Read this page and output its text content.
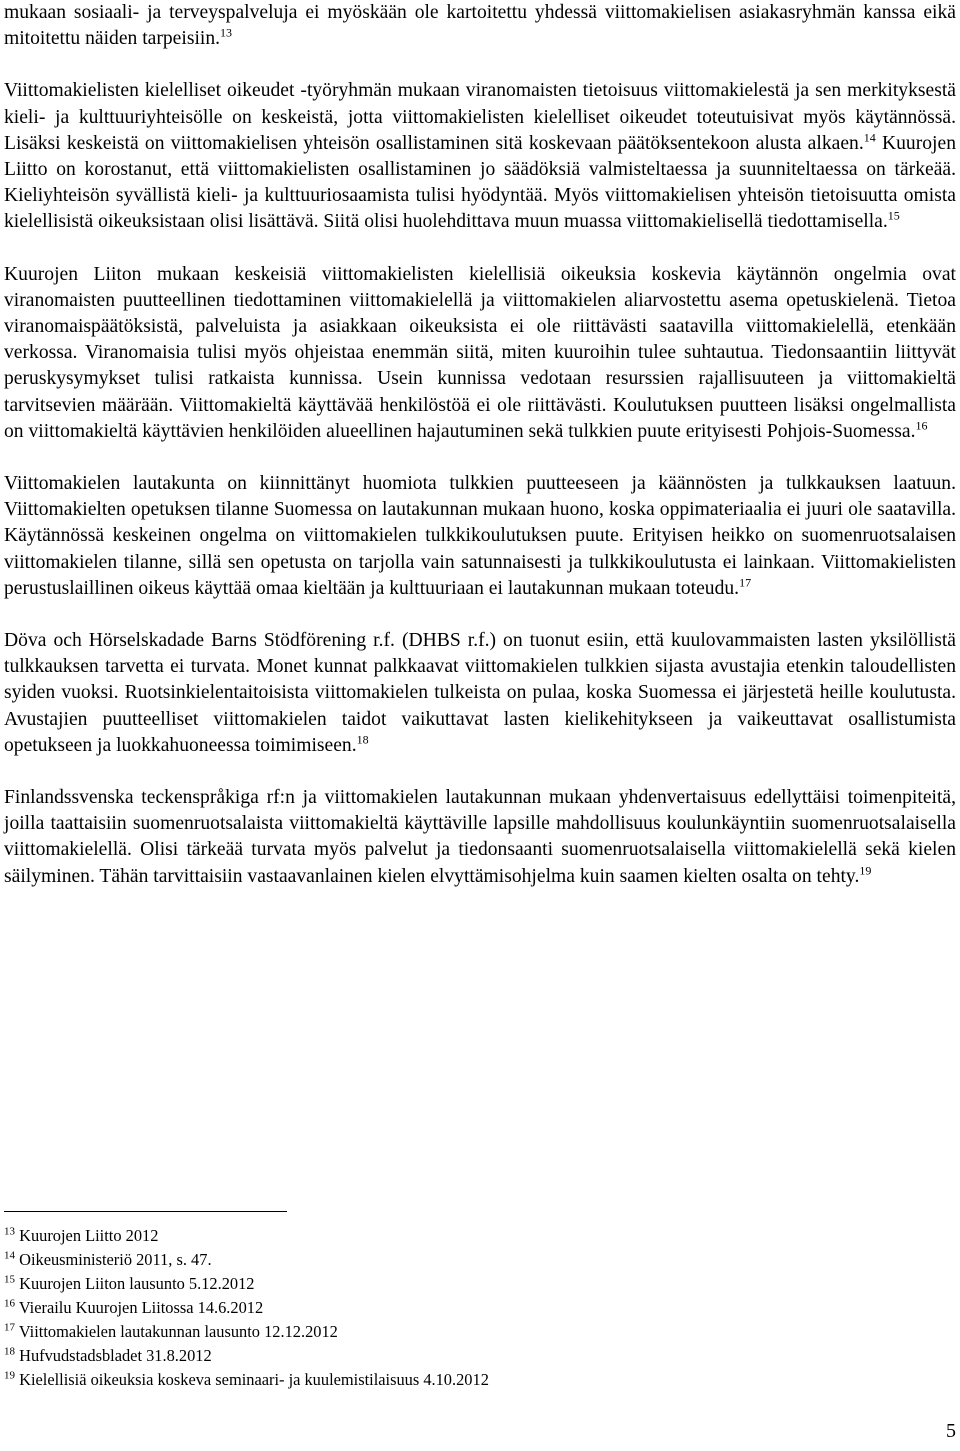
mukaan sosiaali- ja terveyspalveluja ei myöskään ole kartoitettu yhdessä viittomakielisen asiakasryhmän kanssa eikä mitoitettu näiden tarpeisiin.$^{13}$

Viittomakielisten kielelliset oikeudet -työryhmän mukaan viranomaisten tietoisuus viittomakielestä ja sen merkityksestä kieli- ja kulttuuriyhteisölle on keskeistä, jotta viittomakielisten kielelliset oikeudet toteutuisivat myös käytännössä. Lisäksi keskeistä on viittomakielisen yhteisön osallistaminen sitä koskevaan päätöksentekoon alusta alkaen.$^{14}$ Kuurojen Liitto on korostanut, että viittomakielisten osallistaminen jo säädöksiä valmisteltaessa ja suunniteltaessa on tärkeää. Kieliyhteisön syvällistä kieli- ja kulttuuriosaamista tulisi hyödyntää. Myös viittomakielisen yhteisön tietoisuutta omista kielellisistä oikeuksistaan olisi lisättävä. Siitä olisi huolehdittava muun muassa viittomakielisellä tiedottamisella.$^{15}$

Kuurojen Liiton mukaan keskeisiä viittomakielisten kielellisiä oikeuksia koskevia käytännön ongelmia ovat viranomaisten puutteellinen tiedottaminen viittomakielellä ja viittomakielen aliarvostettu asema opetuskielenä. Tietoa viranomaispäätöksistä, palveluista ja asiakkaan oikeuksista ei ole riittävästi saatavilla viittomakielellä, etenkään verkossa. Viranomaisia tulisi myös ohjeistaa enemmän siitä, miten kuuroihin tulee suhtautua. Tiedonsaantiin liittyvät peruskysymykset tulisi ratkaista kunnissa. Usein kunnissa vedotaan resurssien rajallisuuteen ja viittomakieltä tarvitsevien määrään. Viittomakieltä käyttävää henkilöstöä ei ole riittävästi. Koulutuksen puutteen lisäksi ongelmallista on viittomakieltä käyttävien henkilöiden alueellinen hajautuminen sekä tulkkien puute erityisesti Pohjois-Suomessa.$^{16}$

Viittomakielen lautakunta on kiinnittänyt huomiota tulkkien puutteeseen ja käännösten ja tulkkauksen laatuun. Viittomakielten opetuksen tilanne Suomessa on lautakunnan mukaan huono, koska oppimateriaalia ei juuri ole saatavilla. Käytännössä keskeinen ongelma on viittomakielen tulkkikoulutuksen puute. Erityisen heikko on suomenruotsalaisen viittomakielen tilanne, sillä sen opetusta on tarjolla vain satunnaisesti ja tulkkikoulutusta ei lainkaan. Viittomakielisten perustuslaillinen oikeus käyttää omaa kieltään ja kulttuuriaan ei lautakunnan mukaan toteudu.$^{17}$

Döva och Hörselskadade Barns Stödförening r.f. (DHBS r.f.) on tuonut esiin, että kuulovammaisten lasten yksilöllistä tulkkauksen tarvetta ei turvata. Monet kunnat palkkaavat viittomakielen tulkkien sijasta avustajia etenkin taloudellisten syiden vuoksi. Ruotsinkielentaitoisista viittomakielen tulkeista on pulaa, koska Suomessa ei järjestetä heille koulutusta. Avustajien puutteelliset viittomakielen taidot vaikuttavat lasten kielikehitykseen ja vaikeuttavat osallistumista opetukseen ja luokkahuoneessa toimimiseen.$^{18}$

Finlandssvenska teckenspråkiga rf:n ja viittomakielen lautakunnan mukaan yhdenvertaisuus edellyttäisi toimenpiteitä, joilla taattaisiin suomenruotsalaista viittomakieltä käyttäville lapsille mahdollisuus koulunkäyntiin suomenruotsalaisella viittomakielellä. Olisi tärkeää turvata myös palvelut ja tiedonsaanti suomenruotsalaisella viittomakielellä sekä kielen säilyminen. Tähän tarvittaisiin vastaavanlainen kielen elvyttämisohjelma kuin saamen kielten osalta on tehty.$^{19}$

$^{13}$ Kuurojen Liitto 2012
$^{14}$ Oikeusministeriö 2011, s. 47.
$^{15}$ Kuurojen Liiton lausunto 5.12.2012
$^{16}$ Vierailu Kuurojen Liitossa 14.6.2012
$^{17}$ Viittomakielen lautakunnan lausunto 12.12.2012
$^{18}$ Hufvudstadsbladet 31.8.2012
$^{19}$ Kielellisiä oikeuksia koskeva seminaari- ja kuulemistilaisuus 4.10.2012
5
